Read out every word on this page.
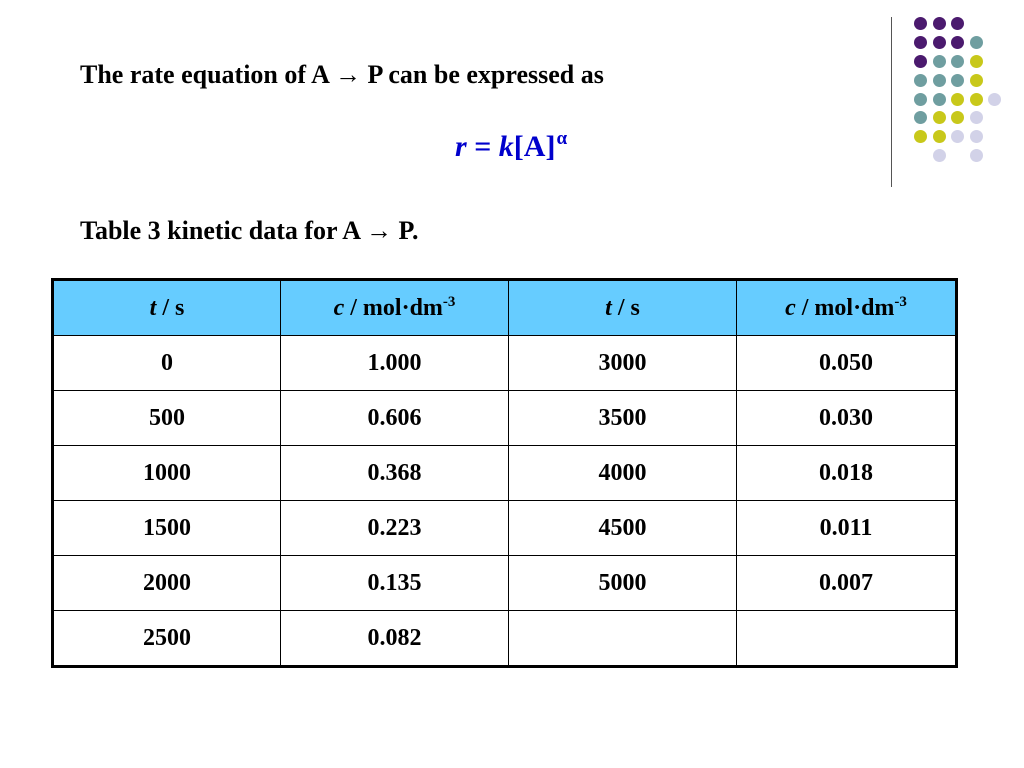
The rate equation of A → P can be expressed as
$r = k[A]^\alpha$
Table 3 kinetic data for A → P.
t / s	$c / mol\cdot dm^{-3}$	t / s	$c / mol\cdot dm^{-3}$
0	1.000	3000	0.050
500	0.606	3500	0.030
1000	0.368	4000	0.018
1500	0.223	4500	0.011
2000	0.135	5000	0.007
2500	0.082		
